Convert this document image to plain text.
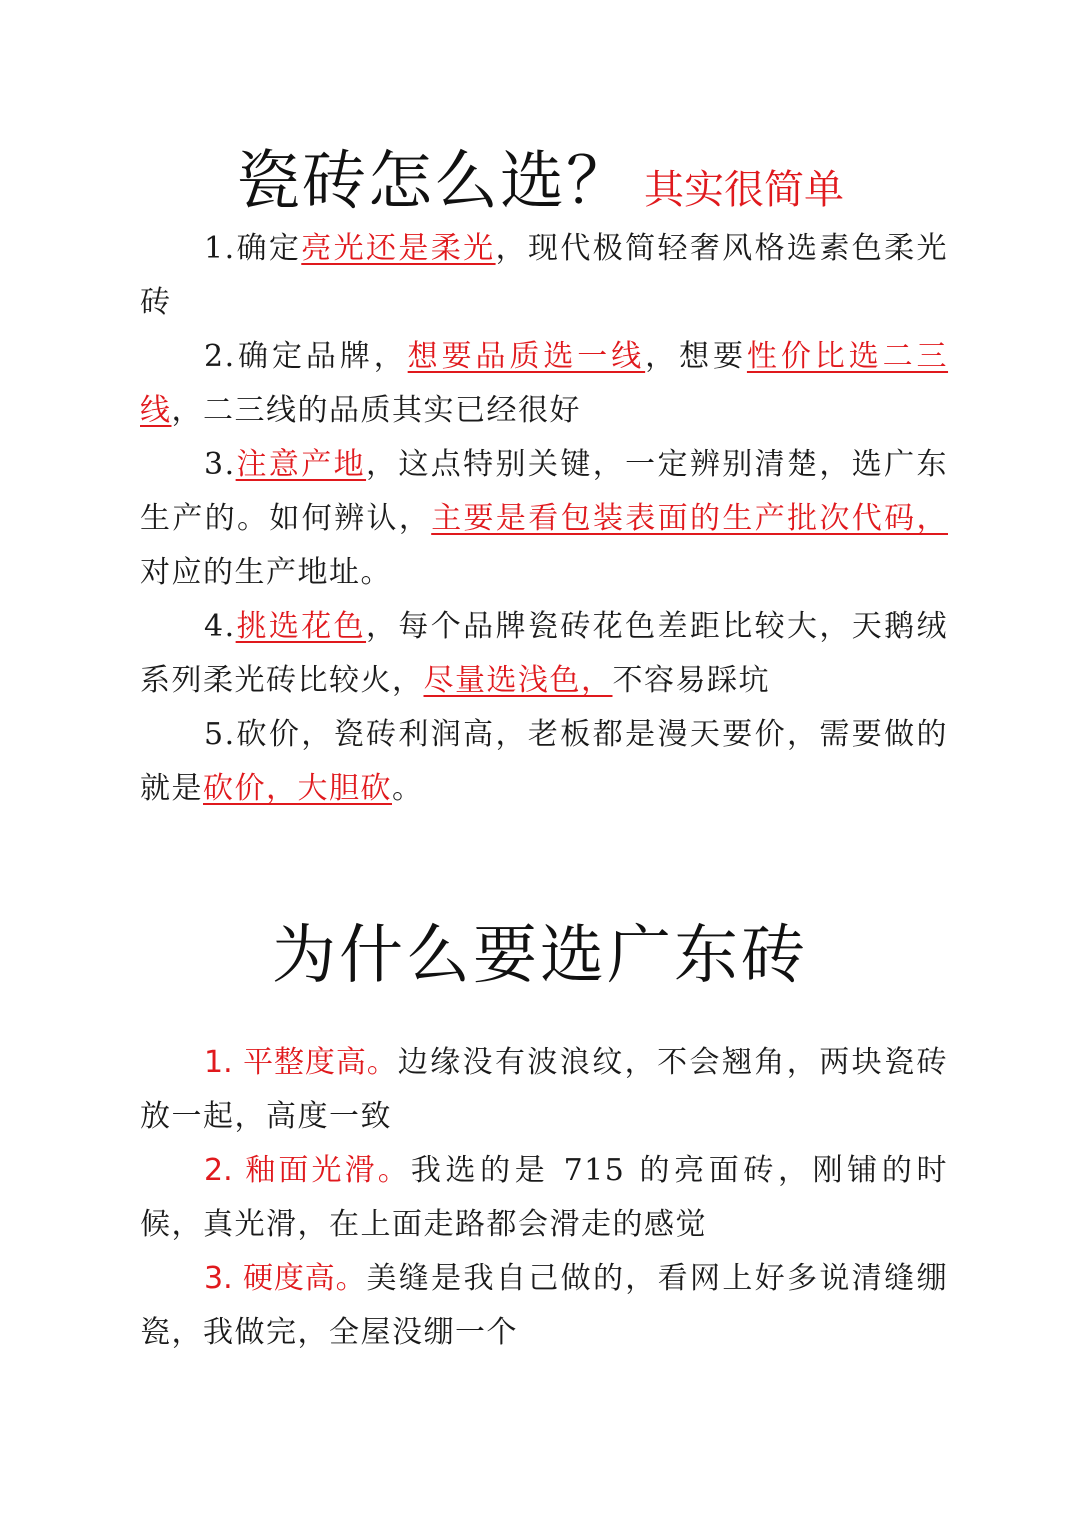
瓷砖怎么选？ 其实很简单

1.确定亮光还是柔光，现代极简轻奢风格选素色柔光砖

2.确定品牌，想要品质选一线，想要性价比选二三线，二三线的品质其实已经很好

3.注意产地，这点特别关键，一定辨别清楚，选广东生产的。如何辨认，主要是看包装表面的生产批次代码，对应的生产地址。

4.挑选花色，每个品牌瓷砖花色差距比较大，天鹅绒系列柔光砖比较火，尽量选浅色，不容易踩坑

5.砍价，瓷砖利润高，老板都是漫天要价，需要做的就是砍价，大胆砍。

为什么要选广东砖

1. 平整度高。边缘没有波浪纹，不会翘角，两块瓷砖放一起，高度一致

2. 釉面光滑。我选的是 715 的亮面砖，刚铺的时候，真光滑，在上面走路都会滑走的感觉

3. 硬度高。美缝是我自己做的，看网上好多说清缝绷瓷，我做完，全屋没绷一个
